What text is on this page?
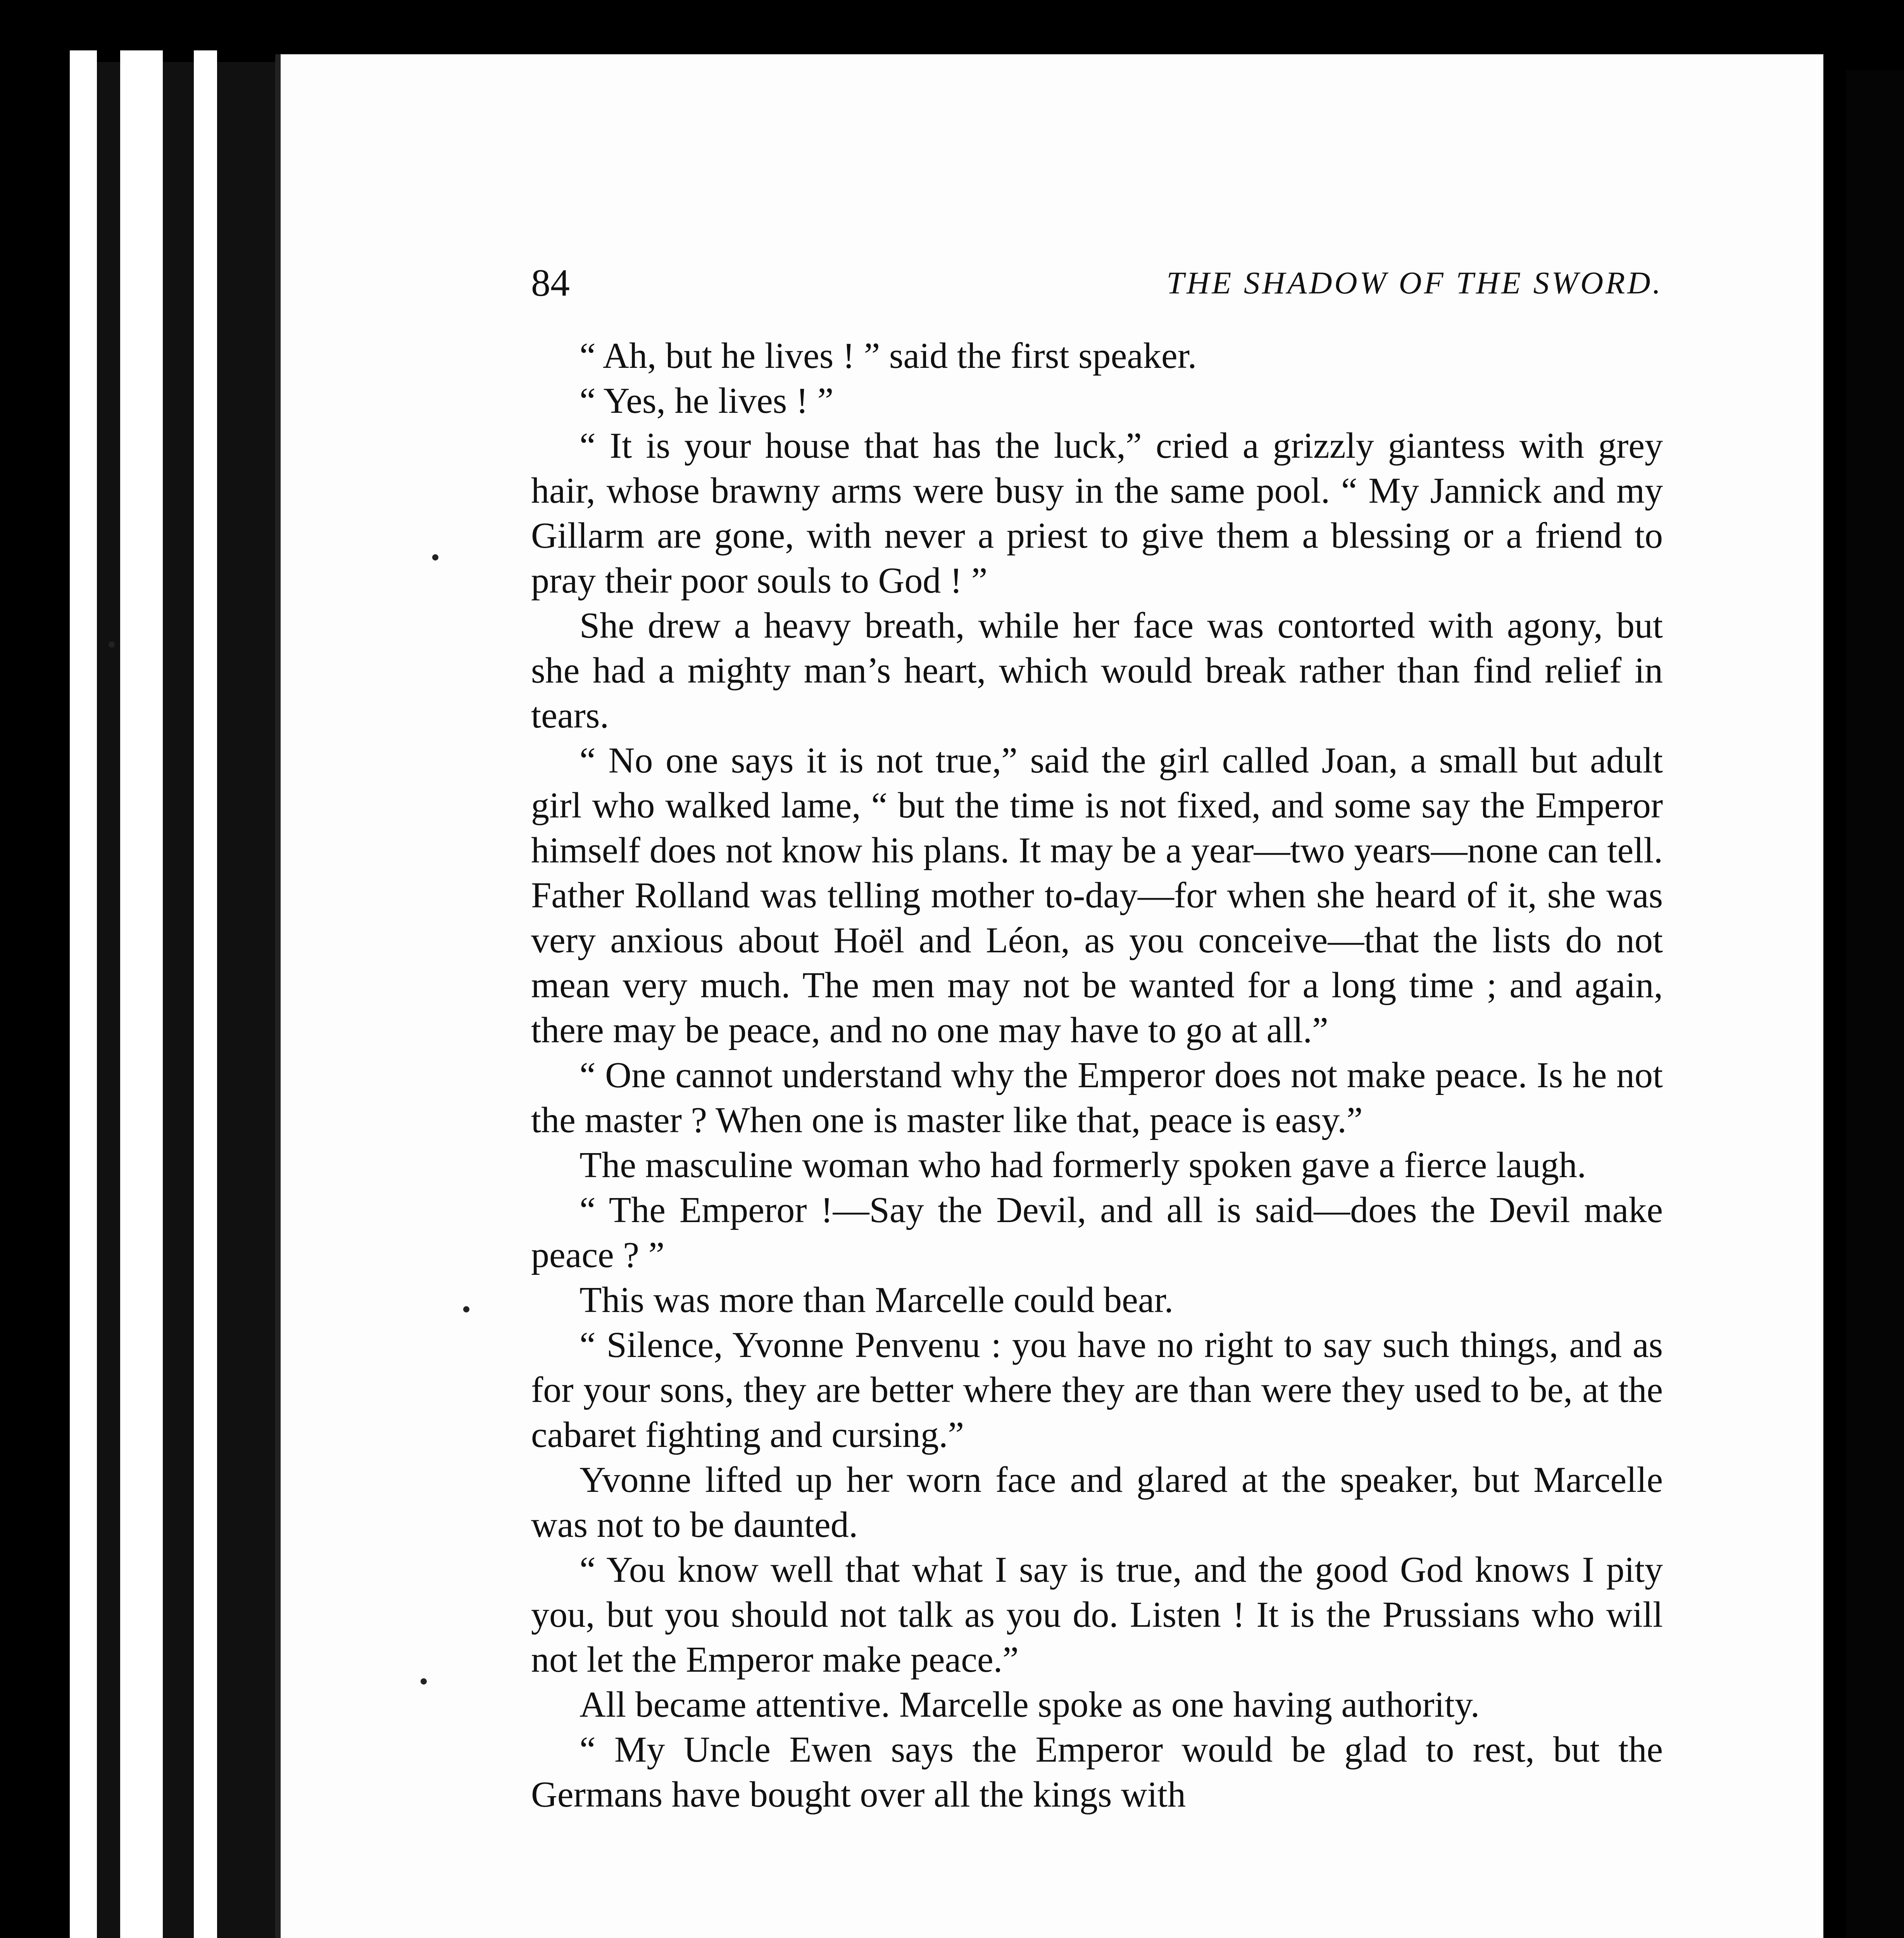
84	THE SHADOW OF THE SWORD.

“ Ah, but he lives ! ” said the first speaker.

“ Yes, he lives ! ”

“ It is your house that has the luck,” cried a grizzly giantess with grey hair, whose brawny arms were busy in the same pool. “ My Jannick and my Gillarm are gone, with never a priest to give them a blessing or a friend to pray their poor souls to God ! ”

She drew a heavy breath, while her face was contorted with agony, but she had a mighty man’s heart, which would break rather than find relief in tears.

“ No one says it is not true,” said the girl called Joan, a small but adult girl who walked lame, “ but the time is not fixed, and some say the Emperor himself does not know his plans. It may be a year—two years—none can tell. Father Rolland was telling mother to-day—for when she heard of it, she was very anxious about Hoël and Léon, as you conceive—that the lists do not mean very much. The men may not be wanted for a long time ; and again, there may be peace, and no one may have to go at all.”

“ One cannot understand why the Emperor does not make peace. Is he not the master ? When one is master like that, peace is easy.”

The masculine woman who had formerly spoken gave a fierce laugh.

“ The Emperor !—Say the Devil, and all is said—does the Devil make peace ? ”

This was more than Marcelle could bear.

“ Silence, Yvonne Penvenu : you have no right to say such things, and as for your sons, they are better where they are than were they used to be, at the cabaret fighting and cursing.”

Yvonne lifted up her worn face and glared at the speaker, but Marcelle was not to be daunted.

“ You know well that what I say is true, and the good God knows I pity you, but you should not talk as you do. Listen ! It is the Prussians who will not let the Emperor make peace.”

All became attentive. Marcelle spoke as one having authority.

“ My Uncle Ewen says the Emperor would be glad to rest, but the Germans have bought over all the kings with
